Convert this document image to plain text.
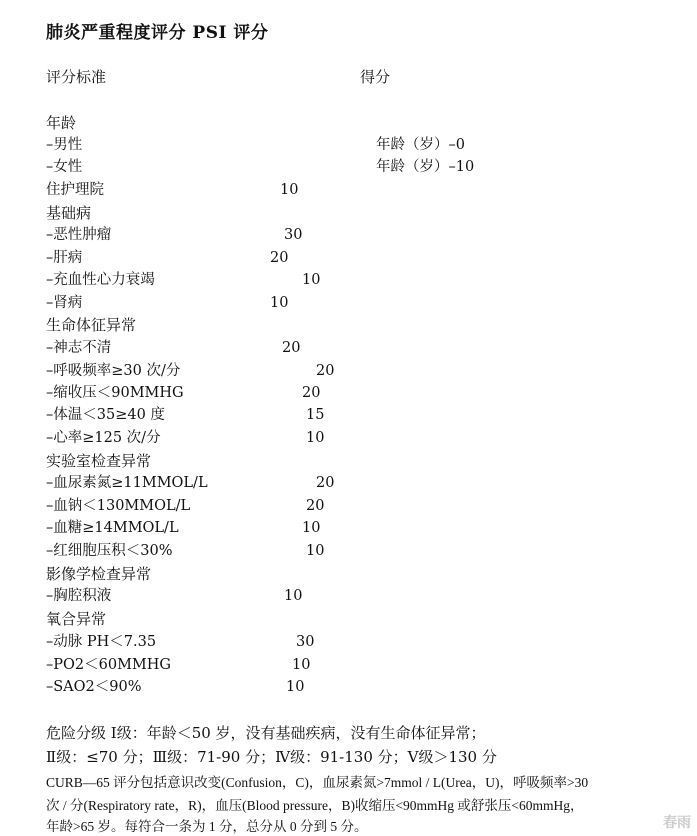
肺炎严重程度评分 PSI 评分
评分标准	得分
年龄
–男性	年龄（岁）–0
–女性	年龄（岁）–10
住护理院	10
基础病
–恶性肿瘤	30
–肝病	20
–充血性心力衰竭	10
–肾病	10
生命体征异常
–神志不清	20
–呼吸频率≥30 次/分	20
–缩收压＜90MMHG	20
–体温＜35≥40 度	15
–心率≥125 次/分	10
实验室检查异常
–血尿素氮≥11MMOL/L	20
–血钠＜130MMOL/L	20
–血糖≥14MMOL/L	10
–红细胞压积＜30%	10
影像学检查异常
–胸腔积液	10
氧合异常
–动脉 PH＜7.35	30
–PO2＜60MMHG	10
–SAO2＜90%	10
危险分级 Ⅰ级：年龄＜50 岁，没有基础疾病，没有生命体征异常；
Ⅱ级：≤70 分；Ⅲ级：71-90 分；Ⅳ级：91-130 分；Ⅴ级＞130 分
CURB—65 评分包括意识改变(Confusion，C)，血尿素氮>7mmol / L(Urea，U)，呼吸频率>30
次 / 分(Respiratory rate，R)，血压(Blood pressure，B)收缩压<90mmHg 或舒张压<60mmHg，
年龄>65 岁。每符合一条为 1 分，总分从 0 分到 5 分。	春雨
